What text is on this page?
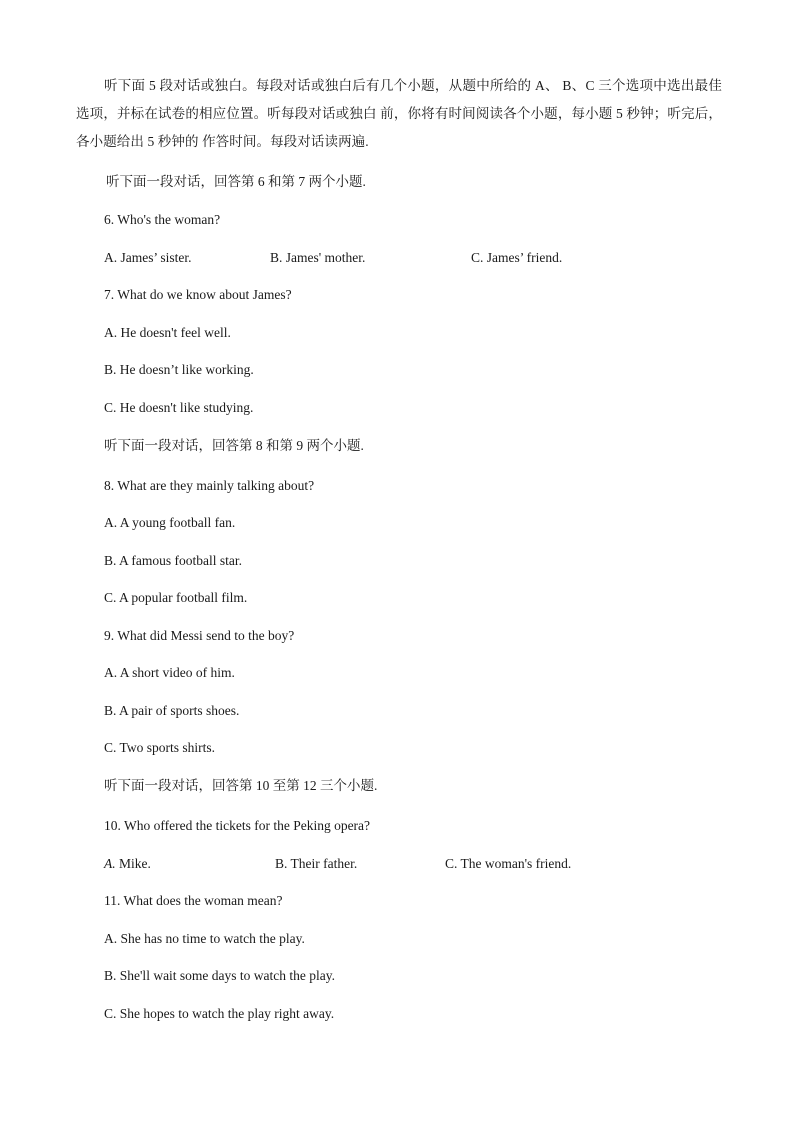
听下面 5 段对话或独白。每段对话或独白后有几个小题，从题中所给的 A、 B、C 三个选项中选出最佳选项，并标在试卷的相应位置。听每段对话或独白 前，你将有时间阅读各个小题，每小题 5 秒钟；听完后，各小题给出 5 秒钟的 作答时间。每段对话读两遍.
听下面一段对话，回答第 6 和第 7 两个小题.
6. Who's the woman?
A. James’ sister.	B. James' mother.	C. James’ friend.
7. What do we know about James?
A. He doesn't feel well.
B. He doesn’t like working.
C. He doesn't like studying.
听下面一段对话，回答第 8 和第 9 两个小题.
8. What are they mainly talking about?
A. A young football fan.
B. A famous football star.
C. A popular football film.
9. What did Messi send to the boy?
A. A short video of him.
B. A pair of sports shoes.
C. Two sports shirts.
听下面一段对话，回答第 10 至第 12 三个小题.
10. Who offered the tickets for the Peking opera?
A. Mike.	B. Their father.	C. The woman's friend.
11. What does the woman mean?
A. She has no time to watch the play.
B. She'll wait some days to watch the play.
C. She hopes to watch the play right away.
